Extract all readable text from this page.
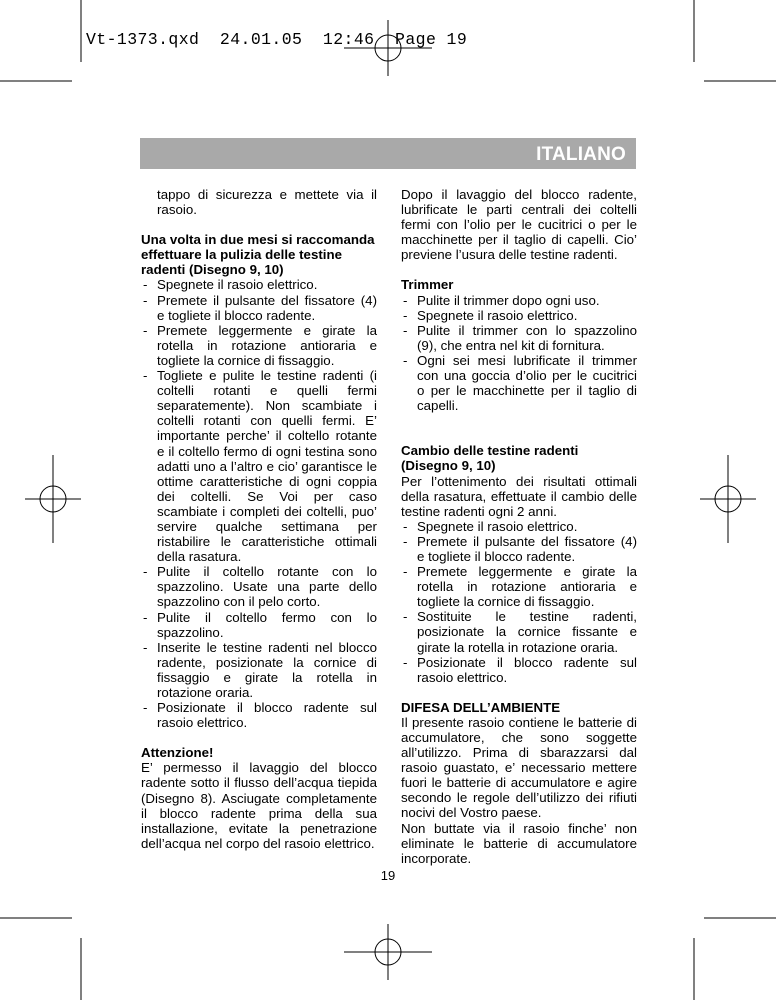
Vt-1373.qxd  24.01.05  12:46  Page 19
ITALIANO
tappo di sicurezza e mettete via il rasoio.

Una volta in due mesi si raccomanda effettuare la pulizia delle testine radenti (Disegno 9, 10)

- Spegnete il rasoio elettrico.
- Premete il pulsante del fissatore (4) e togliete il blocco radente.
- Premete leggermente e girate la rotella in rotazione antioraria e togliete la cornice di fissaggio.
- Togliete e pulite le testine radenti (i coltelli rotanti e quelli fermi separatemente). Non scambiate i coltelli rotanti con quelli fermi. E’ importante perche’ il coltello rotante e il coltello fermo di ogni testina sono adatti uno a l’altro e cio’ garantisce le ottime caratteristiche di ogni coppia dei coltelli. Se Voi per caso scambiate i completi dei coltelli, puo’ servire qualche settimana per ristabilire le caratteristiche ottimali della rasatura.
- Pulite il coltello rotante con lo spazzolino. Usate una parte dello spazzolino con il pelo corto.
- Pulite il coltello fermo con lo spazzolino.
- Inserite le testine radenti nel blocco radente, posizionate la cornice di fissaggio e girate la rotella in rotazione oraria.
- Posizionate il blocco radente sul rasoio elettrico.

Attenzione!

E’ permesso il lavaggio del blocco radente sotto il flusso dell’acqua tiepida (Disegno 8). Asciugate completamente il blocco radente prima della sua installazione, evitate la penetrazione dell’acqua nel corpo del rasoio elettrico.

Dopo il lavaggio del blocco radente, lubrificate le parti centrali dei coltelli fermi con l’olio per le cucitrici o per le macchinette per il taglio di capelli. Cio’ previene l’usura delle testine radenti.

Trimmer

- Pulite il trimmer dopo ogni uso.
- Spegnete il rasoio elettrico.
- Pulite il trimmer con lo spazzolino (9), che entra nel kit di fornitura.
- Ogni sei mesi lubrificate il trimmer con una goccia d’olio per le cucitrici o per le macchinette per il taglio di capelli.

Cambio delle testine radenti (Disegno 9, 10)

Per l’ottenimento dei risultati ottimali della rasatura, effettuate il cambio delle testine radenti ogni 2 anni.

- Spegnete il rasoio elettrico.
- Premete il pulsante del fissatore (4) e togliete il blocco radente.
- Premete leggermente e girate la rotella in rotazione antioraria e togliete la cornice di fissaggio.
- Sostituite le testine radenti, posizionate la cornice fissante e girate la rotella in rotazione oraria.
- Posizionate il blocco radente sul rasoio elettrico.

DIFESA DELL’AMBIENTE

Il presente rasoio contiene le batterie di accumulatore, che sono soggette all’utilizzo. Prima di sbarazzarsi dal rasoio guastato, e’ necessario mettere fuori le batterie di accumulatore e agire secondo le regole dell’utilizzo dei rifiuti nocivi del Vostro paese.

Non buttate via il rasoio finche’ non eliminate le batterie di accumulatore incorporate.

19
